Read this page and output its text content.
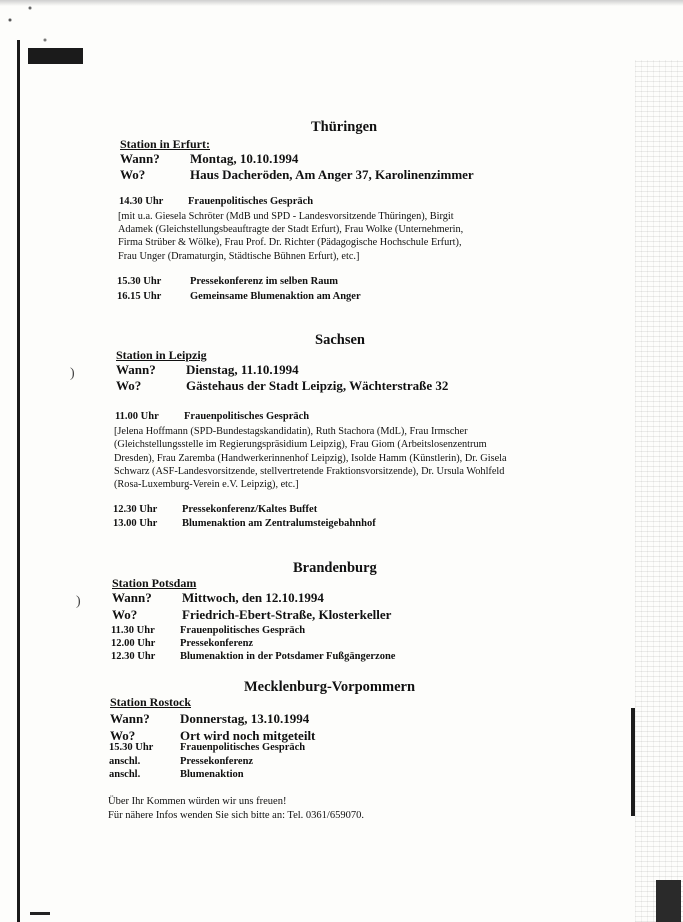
)
)
Thüringen
Station in Erfurt:
Wann? Montag, 10.10.1994
Wo?	Haus Dacheröden, Am Anger 37, Karolinenzimmer
14.30 Uhr Frauenpolitisches Gespräch
[mit u.a. Giesela Schröter (MdB und SPD - Landesvorsitzende Thüringen), Birgit
Adamek (Gleichstellungsbeauftragte der Stadt Erfurt), Frau Wolke (Unternehmerin,
Firma Strüber & Wölke), Frau Prof. Dr. Richter (Pädagogische Hochschule Erfurt),
Frau Unger (Dramaturgin, Städtische Bühnen Erfurt), etc.]
15.30 Uhr	Pressekonferenz im selben Raum
16.15 Uhr	Gemeinsame Blumenaktion am Anger
Sachsen
Station in Leipzig
Wann? Dienstag, 11.10.1994
Wo?	Gästehaus der Stadt Leipzig, Wächterstraße 32
11.00 Uhr Frauenpolitisches Gespräch
[Jelena Hoffmann (SPD-Bundestagskandidatin), Ruth Stachora (MdL), Frau Irmscher
(Gleichstellungsstelle im Regierungspräsidium Leipzig), Frau Giom (Arbeitslosenzentrum
Dresden), Frau Zaremba (Handwerkerinnenhof Leipzig), Isolde Hamm (Künstlerin), Dr. Gisela
Schwarz (ASF-Landesvorsitzende, stellvertretende Fraktionsvorsitzende), Dr. Ursula Wohlfeld
(Rosa-Luxemburg-Verein e.V. Leipzig), etc.]
12.30 Uhr Pressekonferenz/Kaltes Buffet
13.00 Uhr Blumenaktion am Zentralumsteigebahnhof
Brandenburg
Station Potsdam
Wann? Mittwoch, den 12.10.1994
Wo?	Friedrich-Ebert-Straße, Klosterkeller
11.30 Uhr Frauenpolitisches Gespräch
12.00 Uhr Pressekonferenz
12.30 Uhr Blumenaktion in der Potsdamer Fußgängerzone
Mecklenburg-Vorpommern
Station Rostock
Wann? Donnerstag, 13.10.1994
Wo?	Ort wird noch mitgeteilt
15.30 Uhr	Frauenpolitisches Gespräch
anschl.	Pressekonferenz
anschl.	Blumenaktion
Über Ihr Kommen würden wir uns freuen!
Für nähere Infos wenden Sie sich bitte an: Tel. 0361/659070.
